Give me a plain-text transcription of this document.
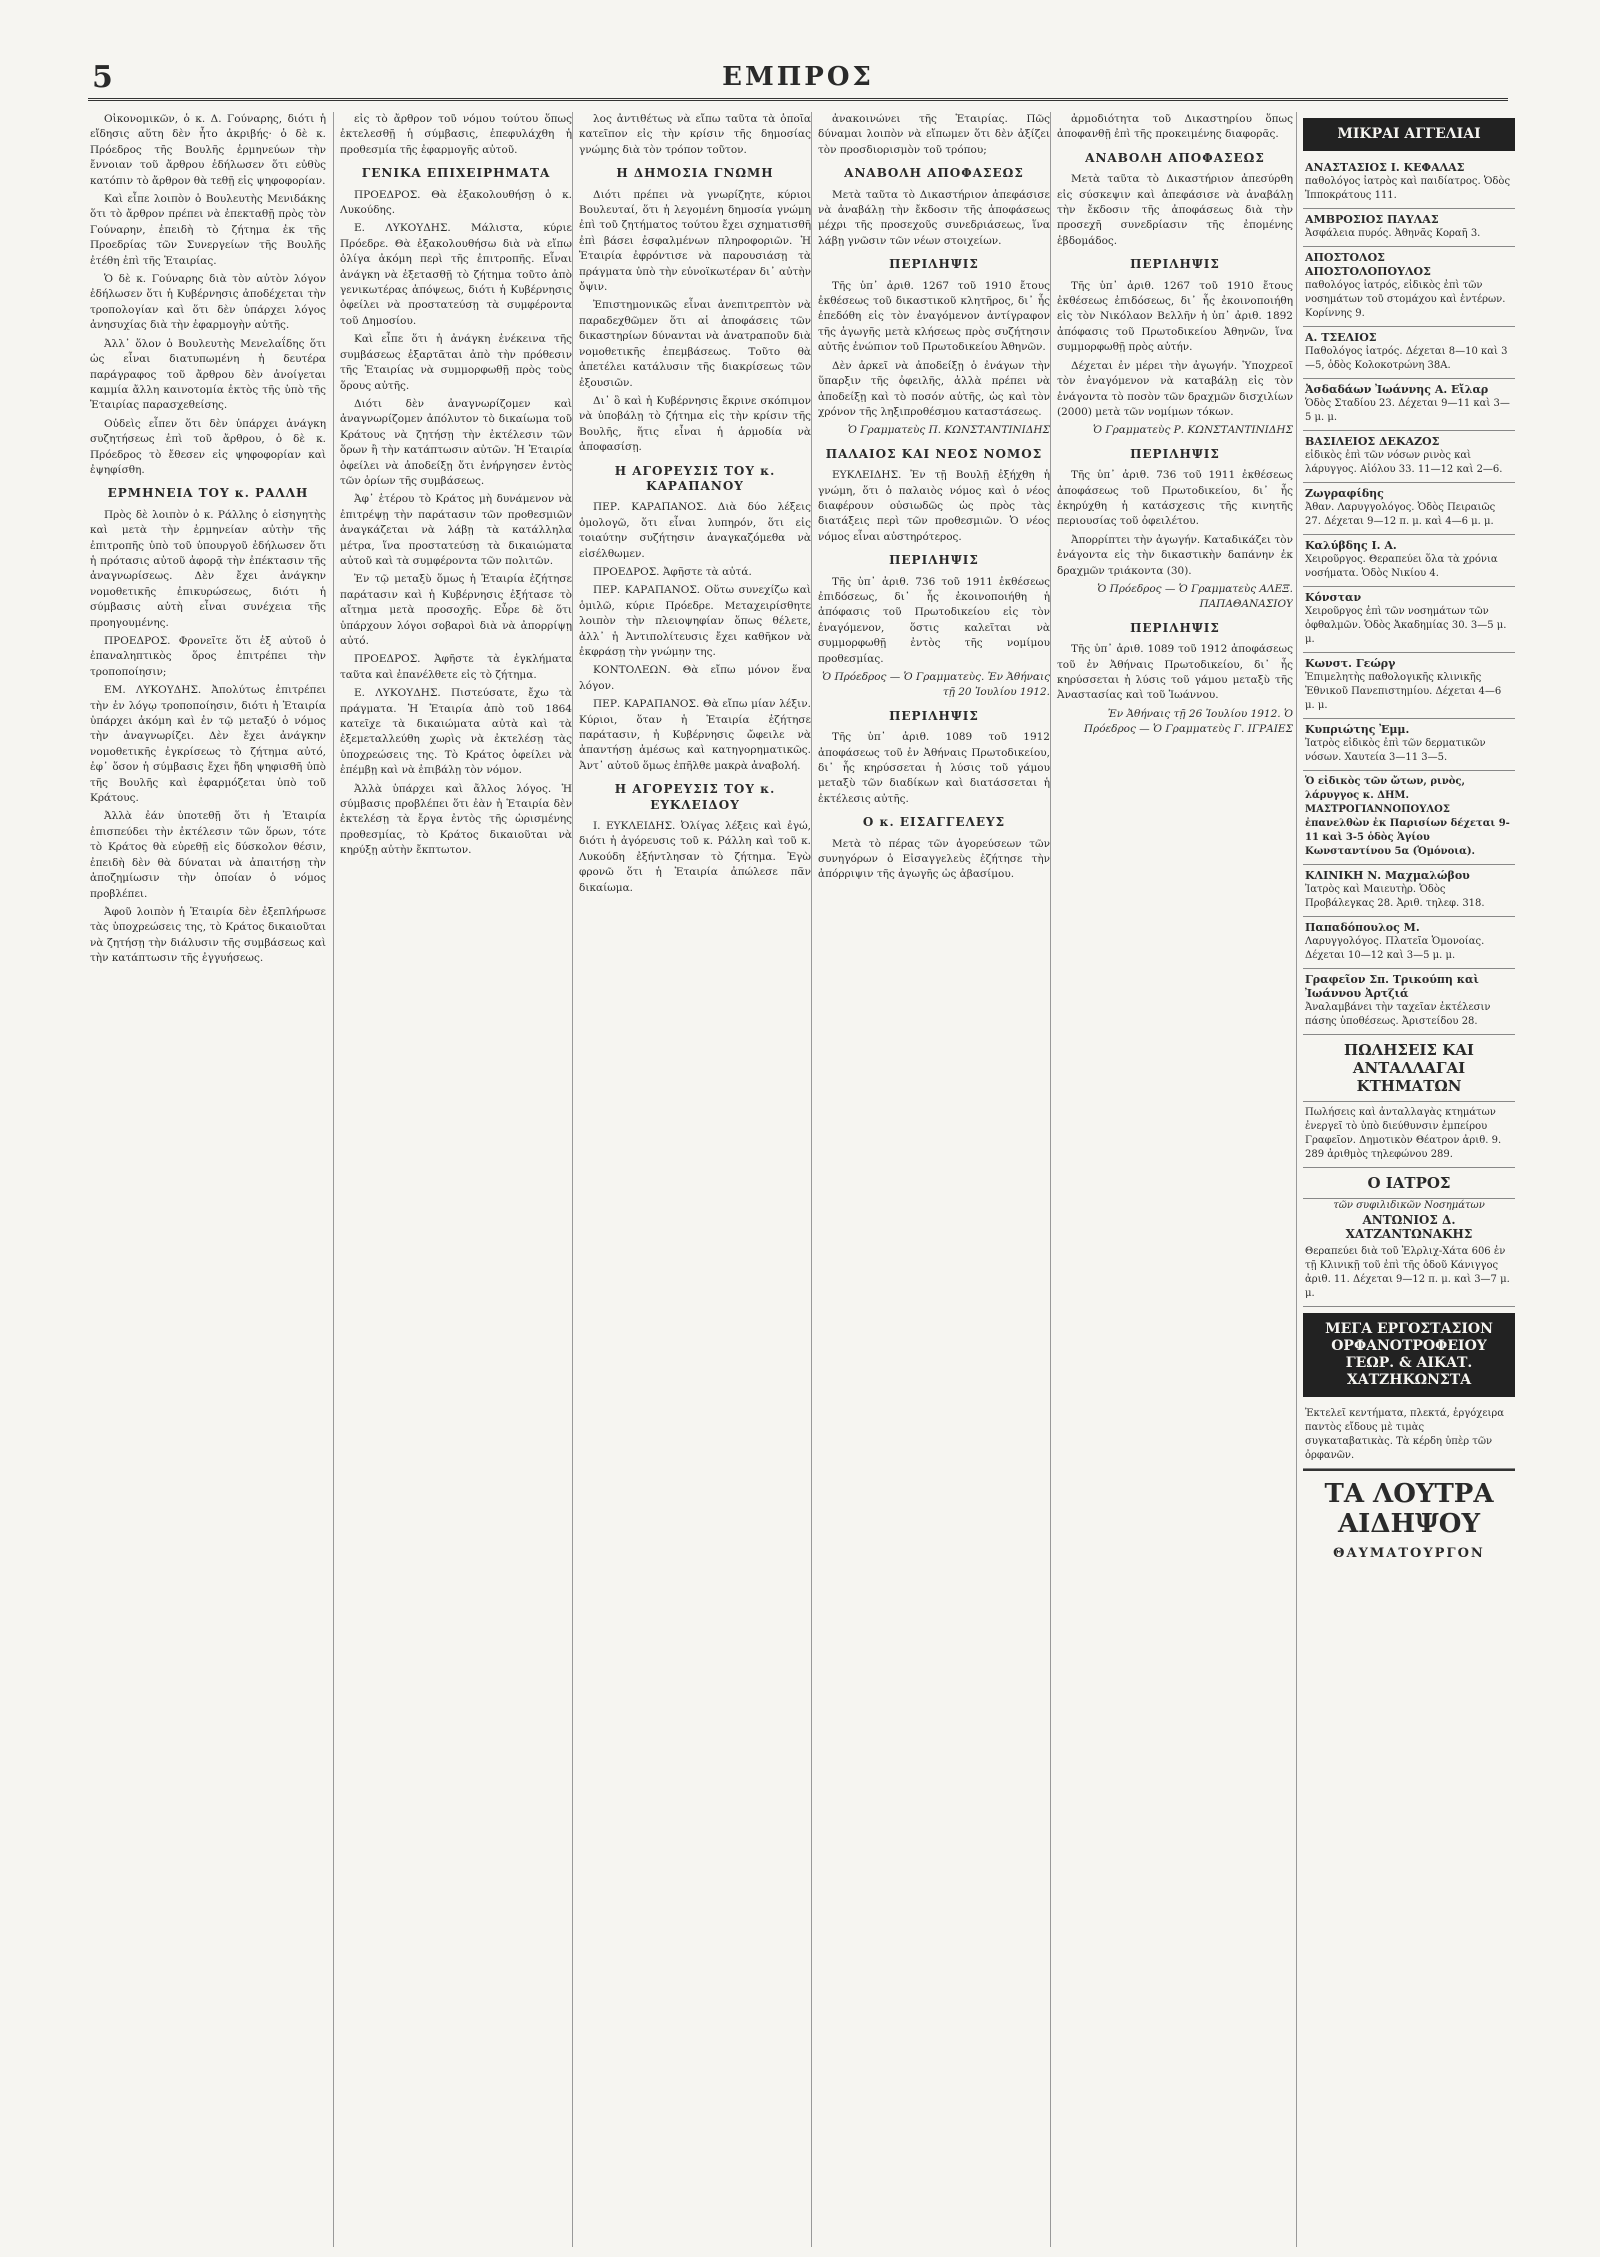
5	ΕΜΠΡΟΣ

Οἰκονομικῶν, ὁ κ. Δ. Γούναρης, διότι ἡ εἴδησις αὕτη δὲν ἦτο ἀκριβής· ὁ δὲ κ. Πρόεδρος τῆς Βουλῆς ἐρμηνεύων τὴν ἔννοιαν τοῦ ἄρθρου ἐδήλωσεν ὅτι εὐθὺς κατόπιν τὸ ἄρθρον θὰ τεθῇ εἰς ψηφοφορίαν.

Καὶ εἶπε λοιπὸν ὁ Βουλευτὴς Μενιδάκης ὅτι τὸ ἄρθρον πρέπει νὰ ἐπεκταθῇ πρὸς τὸν Γούναρην, ἐπειδὴ τὸ ζήτημα ἐκ τῆς Προεδρίας τῶν Συνεργείων τῆς Βουλῆς ἐτέθη ἐπὶ τῆς Ἑταιρίας.

Ὁ δὲ κ. Γούναρης διὰ τὸν αὐτὸν λόγον ἐδήλωσεν ὅτι ἡ Κυβέρνησις ἀποδέχεται τὴν τροπολογίαν καὶ ὅτι δὲν ὑπάρχει λόγος ἀνησυχίας διὰ τὴν ἐφαρμογὴν αὐτῆς.

Ἀλλ᾽ ὅλον ὁ Βουλευτὴς Μενελαΐδης ὅτι ὡς εἶναι διατυπωμένη ἡ δευτέρα παράγραφος τοῦ ἄρθρου δὲν ἀνοίγεται καμμία ἄλλη καινοτομία ἐκτὸς τῆς ὑπὸ τῆς Ἑταιρίας παρασχεθείσης.

Οὐδεὶς εἶπεν ὅτι δὲν ὑπάρχει ἀνάγκη συζητήσεως ἐπὶ τοῦ ἄρθρου, ὁ δὲ κ. Πρόεδρος τὸ ἔθεσεν εἰς ψηφοφορίαν καὶ ἐψηφίσθη.

ΕΡΜΗΝΕΙΑ ΤΟΥ κ. ΡΑΛΛΗ

Πρὸς δὲ λοιπὸν ὁ κ. Ράλλης ὁ εἰσηγητὴς καὶ μετὰ τὴν ἑρμηνείαν αὐτὴν τῆς ἐπιτροπῆς ὑπὸ τοῦ ὑπουργοῦ ἐδήλωσεν ὅτι ἡ πρότασις αὐτοῦ ἀφορᾷ τὴν ἐπέκτασιν τῆς ἀναγνωρίσεως. Δὲν ἔχει ἀνάγκην νομοθετικῆς ἐπικυρώσεως, διότι ἡ σύμβασις αὐτὴ εἶναι συνέχεια τῆς προηγουμένης.

ΠΡΟΕΔΡΟΣ. Φρονεῖτε ὅτι ἐξ αὐτοῦ ὁ ἐπαναληπτικὸς ὅρος ἐπιτρέπει τὴν τροποποίησιν;

ΕΜ. ΛΥΚΟΥΔΗΣ. Ἀπολύτως ἐπιτρέπει τὴν ἐν λόγῳ τροποποίησιν, διότι ἡ Ἑταιρία ὑπάρχει ἀκόμη καὶ ἐν τῷ μεταξύ ὁ νόμος τὴν ἀναγνωρίζει. Δὲν ἔχει ἀνάγκην νομοθετικῆς ἐγκρίσεως τὸ ζήτημα αὐτό, ἐφ᾽ ὅσον ἡ σύμβασις ἔχει ἤδη ψηφισθῆ ὑπὸ τῆς Βουλῆς καὶ ἐφαρμόζεται ὑπὸ τοῦ Κράτους.

Ἀλλὰ ἐάν ὑποτεθῇ ὅτι ἡ Ἑταιρία ἐπισπεύδει τὴν ἐκτέλεσιν τῶν ὅρων, τότε τὸ Κράτος θὰ εὑρεθῇ εἰς δύσκολον θέσιν, ἐπειδὴ δὲν θὰ δύναται νὰ ἀπαιτήσῃ τὴν ἀποζημίωσιν τὴν ὁποίαν ὁ νόμος προβλέπει.

Ἀφοῦ λοιπὸν ἡ Ἑταιρία δὲν ἐξεπλήρωσε τὰς ὑποχρεώσεις της, τὸ Κράτος δικαιοῦται νὰ ζητήσῃ τὴν διάλυσιν τῆς συμβάσεως καὶ τὴν κατάπτωσιν τῆς ἐγγυήσεως.

εἰς τὸ ἄρθρον τοῦ νόμου τούτου ὅπως ἐκτελεσθῇ ἡ σύμβασις, ἐπεφυλάχθη ἡ προθεσμία τῆς ἐφαρμογῆς αὐτοῦ.

ΓΕΝΙΚΑ ΕΠΙΧΕΙΡΗΜΑΤΑ

ΠΡΟΕΔΡΟΣ. Θὰ ἐξακολουθήσῃ ὁ κ. Λυκούδης.

Ε. ΛΥΚΟΥΔΗΣ. Μάλιστα, κύριε Πρόεδρε. Θὰ ἐξακολουθήσω διὰ νὰ εἴπω ὀλίγα ἀκόμη περὶ τῆς ἐπιτροπῆς. Εἶναι ἀνάγκη νὰ ἐξετασθῇ τὸ ζήτημα τοῦτο ἀπὸ γενικωτέρας ἀπόψεως, διότι ἡ Κυβέρνησις ὀφείλει νὰ προστατεύσῃ τὰ συμφέροντα τοῦ Δημοσίου.

Καὶ εἶπε ὅτι ἡ ἀνάγκη ἐνέκεινα τῆς συμβάσεως ἐξαρτᾶται ἀπὸ τὴν πρόθεσιν τῆς Ἑταιρίας νὰ συμμορφωθῇ πρὸς τοὺς ὅρους αὐτῆς.

Διότι δὲν ἀναγνωρίζομεν καὶ ἀναγνωρίζομεν ἀπόλυτον τὸ δικαίωμα τοῦ Κράτους νὰ ζητήσῃ τὴν ἐκτέλεσιν τῶν ὅρων ἢ τὴν κατάπτωσιν αὐτῶν. Ἡ Ἑταιρία ὀφείλει νὰ ἀποδείξῃ ὅτι ἐνήργησεν ἐντὸς τῶν ὁρίων τῆς συμβάσεως.

Ἀφ᾽ ἑτέρου τὸ Κράτος μὴ δυνάμενον νὰ ἐπιτρέψῃ τὴν παράτασιν τῶν προθεσμιῶν ἀναγκάζεται νὰ λάβῃ τὰ κατάλληλα μέτρα, ἵνα προστατεύσῃ τὰ δικαιώματα αὐτοῦ καὶ τὰ συμφέροντα τῶν πολιτῶν.

Ἐν τῷ μεταξὺ ὅμως ἡ Ἑταιρία ἐζήτησε παράτασιν καὶ ἡ Κυβέρνησις ἐξήτασε τὸ αἴτημα μετὰ προσοχῆς. Εὗρε δὲ ὅτι ὑπάρχουν λόγοι σοβαροὶ διὰ νὰ ἀπορρίψῃ αὐτό.

ΠΡΟΕΔΡΟΣ. Ἀφῆστε τὰ ἐγκλήματα ταῦτα καὶ ἐπανέλθετε εἰς τὸ ζήτημα.

Ε. ΛΥΚΟΥΔΗΣ. Πιστεύσατε, ἔχω τὰ πράγματα. Ἡ Ἑταιρία ἀπὸ τοῦ 1864 κατεῖχε τὰ δικαιώματα αὐτὰ καὶ τὰ ἐξεμεταλλεύθη χωρὶς νὰ ἐκτελέσῃ τὰς ὑποχρεώσεις της. Τὸ Κράτος ὀφείλει νὰ ἐπέμβῃ καὶ νὰ ἐπιβάλῃ τὸν νόμον.

Ἀλλὰ ὑπάρχει καὶ ἄλλος λόγος. Ἡ σύμβασις προβλέπει ὅτι ἐὰν ἡ Ἑταιρία δὲν ἐκτελέσῃ τὰ ἔργα ἐντὸς τῆς ὡρισμένης προθεσμίας, τὸ Κράτος δικαιοῦται νὰ κηρύξῃ αὐτὴν ἔκπτωτον.

λος ἀντιθέτως νὰ εἴπω ταῦτα τὰ ὁποῖα κατεῖπον εἰς τὴν κρίσιν τῆς δημοσίας γνώμης διὰ τὸν τρόπον τοῦτον.

Η ΔΗΜΟΣΙΑ ΓΝΩΜΗ

Διότι πρέπει νὰ γνωρίζητε, κύριοι Βουλευταί, ὅτι ἡ λεγομένη δημοσία γνώμη ἐπὶ τοῦ ζητήματος τούτου ἔχει σχηματισθῆ ἐπὶ βάσει ἐσφαλμένων πληροφοριῶν. Ἡ Ἑταιρία ἐφρόντισε νὰ παρουσιάσῃ τὰ πράγματα ὑπὸ τὴν εὐνοϊκωτέραν δι᾽ αὐτὴν ὄψιν.

Ἐπιστημονικῶς εἶναι ἀνεπιτρεπτὸν νὰ παραδεχθῶμεν ὅτι αἱ ἀποφάσεις τῶν δικαστηρίων δύνανται νὰ ἀνατραποῦν διὰ νομοθετικῆς ἐπεμβάσεως. Τοῦτο θὰ ἀπετέλει κατάλυσιν τῆς διακρίσεως τῶν ἐξουσιῶν.

Δι᾽ ὃ καὶ ἡ Κυβέρνησις ἔκρινε σκόπιμον νὰ ὑποβάλῃ τὸ ζήτημα εἰς τὴν κρίσιν τῆς Βουλῆς, ἥτις εἶναι ἡ ἁρμοδία νὰ ἀποφασίσῃ.

Η ΑΓΟΡΕΥΣΙΣ ΤΟΥ κ. ΚΑΡΑΠΑΝΟΥ

ΠΕΡ. ΚΑΡΑΠΑΝΟΣ. Διὰ δύο λέξεις ὁμολογῶ, ὅτι εἶναι λυπηρόν, ὅτι εἰς τοιαύτην συζήτησιν ἀναγκαζόμεθα νὰ εἰσέλθωμεν.

ΠΡΟΕΔΡΟΣ. Ἀφῆστε τὰ αὐτά.

ΠΕΡ. ΚΑΡΑΠΑΝΟΣ. Οὕτω συνεχίζω καὶ ὁμιλῶ, κύριε Πρόεδρε. Μεταχειρίσθητε λοιπὸν τὴν πλειοψηφίαν ὅπως θέλετε, ἀλλ᾽ ἡ Ἀντιπολίτευσις ἔχει καθῆκον νὰ ἐκφράσῃ τὴν γνώμην της.

ΚΟΝΤΟΛΕΩΝ. Θὰ εἴπω μόνον ἕνα λόγον.

ΠΕΡ. ΚΑΡΑΠΑΝΟΣ. Θὰ εἴπω μίαν λέξιν. Κύριοι, ὅταν ἡ Ἑταιρία ἐζήτησε παράτασιν, ἡ Κυβέρνησις ὤφειλε νὰ ἀπαντήσῃ ἀμέσως καὶ κατηγορηματικῶς. Ἀντ᾽ αὐτοῦ ὅμως ἐπῆλθε μακρὰ ἀναβολή.

Η ΑΓΟΡΕΥΣΙΣ ΤΟΥ κ. ΕΥΚΛΕΙΔΟΥ

Ι. ΕΥΚΛΕΙΔΗΣ. Ὀλίγας λέξεις καὶ ἐγώ, διότι ἡ ἀγόρευσις τοῦ κ. Ράλλη καὶ τοῦ κ. Λυκούδη ἐξήντλησαν τὸ ζήτημα. Ἐγὼ φρονῶ ὅτι ἡ Ἑταιρία ἀπώλεσε πᾶν δικαίωμα.

ἀνακοινώνει τῆς Ἑταιρίας. Πῶς δύναμαι λοιπὸν νὰ εἴπωμεν ὅτι δὲν ἀξίζει τὸν προσδιορισμὸν τοῦ τρόπου;

ΑΝΑΒΟΛΗ ΑΠΟΦΑΣΕΩΣ

Μετὰ ταῦτα τὸ Δικαστήριον ἀπεφάσισε νὰ ἀναβάλῃ τὴν ἔκδοσιν τῆς ἀποφάσεως μέχρι τῆς προσεχοῦς συνεδριάσεως, ἵνα λάβῃ γνῶσιν τῶν νέων στοιχείων.

ΠΕΡΙΛΗΨΙΣ

Τῆς ὑπ᾽ ἀριθ. 1267 τοῦ 1910 ἔτους ἐκθέσεως τοῦ δικαστικοῦ κλητῆρος, δι᾽ ἧς ἐπεδόθη εἰς τὸν ἐναγόμενον ἀντίγραφον τῆς ἀγωγῆς μετὰ κλήσεως πρὸς συζήτησιν αὐτῆς ἐνώπιον τοῦ Πρωτοδικείου Ἀθηνῶν.

Δὲν ἀρκεῖ νὰ ἀποδείξῃ ὁ ἐνάγων τὴν ὕπαρξιν τῆς ὀφειλῆς, ἀλλὰ πρέπει νὰ ἀποδείξῃ καὶ τὸ ποσόν αὐτῆς, ὡς καὶ τὸν χρόνον τῆς ληξιπροθέσμου καταστάσεως.

Ὁ Γραμματεὺς Π. ΚΩΝΣΤΑΝΤΙΝΙΔΗΣ

ΠΑΛΑΙΟΣ ΚΑΙ ΝΕΟΣ ΝΟΜΟΣ

ΕΥΚΛΕΙΔΗΣ. Ἐν τῇ Βουλῇ ἐξήχθη ἡ γνώμη, ὅτι ὁ παλαιὸς νόμος καὶ ὁ νέος διαφέρουν οὐσιωδῶς ὡς πρὸς τὰς διατάξεις περὶ τῶν προθεσμιῶν. Ὁ νέος νόμος εἶναι αὐστηρότερος.

ΠΕΡΙΛΗΨΙΣ

Τῆς ὑπ᾽ ἀριθ. 736 τοῦ 1911 ἐκθέσεως ἐπιδόσεως, δι᾽ ἧς ἐκοινοποιήθη ἡ ἀπόφασις τοῦ Πρωτοδικείου εἰς τὸν ἐναγόμενον, ὅστις καλεῖται νὰ συμμορφωθῇ ἐντὸς τῆς νομίμου προθεσμίας.

Ὁ Πρόεδρος — Ὁ Γραμματεὺς. Ἐν Ἀθήναις τῇ 20 Ἰουλίου 1912.

ΠΕΡΙΛΗΨΙΣ

Τῆς ὑπ᾽ ἀριθ. 1089 τοῦ 1912 ἀποφάσεως τοῦ ἐν Ἀθήναις Πρωτοδικείου, δι᾽ ἧς κηρύσσεται ἡ λύσις τοῦ γάμου μεταξὺ τῶν διαδίκων καὶ διατάσσεται ἡ ἐκτέλεσις αὐτῆς.

Ο κ. ΕΙΣΑΓΓΕΛΕΥΣ

Μετὰ τὸ πέρας τῶν ἀγορεύσεων τῶν συνηγόρων ὁ Εἰσαγγελεὺς ἐζήτησε τὴν ἀπόρριψιν τῆς ἀγωγῆς ὡς ἀβασίμου.

ἀρμοδιότητα τοῦ Δικαστηρίου ὅπως ἀποφανθῇ ἐπὶ τῆς προκειμένης διαφορᾶς.

ΑΝΑΒΟΛΗ ΑΠΟΦΑΣΕΩΣ

Μετὰ ταῦτα τὸ Δικαστήριον ἀπεσύρθη εἰς σύσκεψιν καὶ ἀπεφάσισε νὰ ἀναβάλῃ τὴν ἔκδοσιν τῆς ἀποφάσεως διὰ τὴν προσεχῆ συνεδρίασιν τῆς ἐπομένης ἑβδομάδος.

ΠΕΡΙΛΗΨΙΣ

Τῆς ὑπ᾽ ἀριθ. 1267 τοῦ 1910 ἔτους ἐκθέσεως ἐπιδόσεως, δι᾽ ἧς ἐκοινοποιήθη εἰς τὸν Νικόλαον Βελλῆν ἡ ὑπ᾽ ἀριθ. 1892 ἀπόφασις τοῦ Πρωτοδικείου Ἀθηνῶν, ἵνα συμμορφωθῇ πρὸς αὐτήν.

Δέχεται ἐν μέρει τὴν ἀγωγήν. Ὑποχρεοῖ τὸν ἐναγόμενον νὰ καταβάλῃ εἰς τὸν ἐνάγοντα τὸ ποσὸν τῶν δραχμῶν δισχιλίων (2000) μετὰ τῶν νομίμων τόκων.

Ὁ Γραμματεὺς Ρ. ΚΩΝΣΤΑΝΤΙΝΙΔΗΣ

ΠΕΡΙΛΗΨΙΣ

Τῆς ὑπ᾽ ἀριθ. 736 τοῦ 1911 ἐκθέσεως ἀποφάσεως τοῦ Πρωτοδικείου, δι᾽ ἧς ἐκηρύχθη ἡ κατάσχεσις τῆς κινητῆς περιουσίας τοῦ ὀφειλέτου.

Ἀπορρίπτει τὴν ἀγωγήν. Καταδικάζει τὸν ἐνάγοντα εἰς τὴν δικαστικὴν δαπάνην ἐκ δραχμῶν τριάκοντα (30).

Ὁ Πρόεδρος — Ὁ Γραμματεὺς ΑΛΕΞ. ΠΑΠΑΘΑΝΑΣΙΟΥ

ΠΕΡΙΛΗΨΙΣ

Τῆς ὑπ᾽ ἀριθ. 1089 τοῦ 1912 ἀποφάσεως τοῦ ἐν Ἀθήναις Πρωτοδικείου, δι᾽ ἧς κηρύσσεται ἡ λύσις τοῦ γάμου μεταξὺ τῆς Ἀναστασίας καὶ τοῦ Ἰωάννου.

Ἐν Ἀθήναις τῇ 26 Ἰουλίου 1912. Ὁ Πρόεδρος — Ὁ Γραμματεὺς Γ. ΙΓΡΑΙΕΣ

ΜΙΚΡΑΙ ΑΓΓΕΛΙΑΙ
ΑΝΑΣΤΑΣΙΟΣ Ι. ΚΕΦΑΛΑΣ
παθολόγος ἰατρὸς καὶ παιδίατρος. Ὁδὸς Ἱπποκράτους 111.
ΑΜΒΡΟΣΙΟΣ ΠΑΥΛΑΣ
Ἀσφάλεια πυρός. Ἀθηνᾶς Κοραῆ 3.
ΑΠΟΣΤΟΛΟΣ ΑΠΟΣΤΟΛΟΠΟΥΛΟΣ
παθολόγος ἰατρός, εἰδικὸς ἐπὶ τῶν νοσημάτων τοῦ στομάχου καὶ ἐντέρων. Κορίννης 9.
Α. ΤΣΕΛΙΟΣ
Παθολόγος ἰατρός. Δέχεται 8—10 καὶ 3—5, ὁδὸς Κολοκοτρώνη 38Α.
Ἀσδαδάων Ἰωάννης Α. Εἴλαρ
Ὁδὸς Σταδίου 23. Δέχεται 9—11 καὶ 3—5 μ. μ.
ΒΑΣΙΛΕΙΟΣ ΔΕΚΑΖΟΣ
εἰδικὸς ἐπὶ τῶν νόσων ρινὸς καὶ λάρυγγος. Αἰόλου 33. 11—12 καὶ 2—6.
Ζωγραφίδης
Ἀθαν. Λαρυγγολόγος. Ὁδὸς Πειραιῶς 27. Δέχεται 9—12 π. μ. καὶ 4—6 μ. μ.
Καλύβδης Ι. Α.
Χειροῦργος. Θεραπεύει ὅλα τὰ χρόνια νοσήματα. Ὁδὸς Νικίου 4.
Κόνσταν
Χειροῦργος ἐπὶ τῶν νοσημάτων τῶν ὀφθαλμῶν. Ὁδὸς Ἀκαδημίας 30. 3—5 μ. μ.
Κωνστ. Γεώργ
Ἐπιμελητὴς παθολογικῆς κλινικῆς Ἐθνικοῦ Πανεπιστημίου. Δέχεται 4—6 μ. μ.
Κυπριώτης Ἐμμ.
Ἰατρὸς εἰδικὸς ἐπὶ τῶν δερματικῶν νόσων. Χαυτεία 3—11 3—5.
Ὁ εἰδικὸς τῶν ὤτων, ρινὸς, λάρυγγος κ. ΔΗΜ. ΜΑΣΤΡΟΓΙΑΝΝΟΠΟΥΛΟΣ ἐπανελθὼν ἐκ Παρισίων δέχεται 9-11 καὶ 3-5 ὁδὸς Ἁγίου Κωνσταντίνου 5α (Ὁμόνοια).
ΚΛΙΝΙΚΗ Ν. Μαχμαλώβου
Ἰατρὸς καὶ Μαιευτὴρ. Ὁδὸς Προβάλεγκας 28. Ἀριθ. τηλεφ. 318.
Παπαδόπουλος Μ.
Λαρυγγολόγος. Πλατεῖα Ὁμονοίας. Δέχεται 10—12 καὶ 3—5 μ. μ.
Γραφεῖον Σπ. Τρικούπη καὶ Ἰωάννου Ἀρτζιά
Ἀναλαμβάνει τὴν ταχεῖαν ἐκτέλεσιν πάσης ὑποθέσεως. Ἀριστείδου 28.
ΠΩΛΗΣΕΙΣ ΚΑΙ ΑΝΤΑΛΛΑΓΑΙ ΚΤΗΜΑΤΩΝ
Πωλήσεις καὶ ἀνταλλαγὰς κτημάτων ἐνεργεῖ τὸ ὑπὸ διεύθυνσιν ἐμπείρου Γραφεῖον. Δημοτικὸν Θέατρον ἀριθ. 9. 289 ἀριθμὸς τηλεφώνου 289.
Ο ΙΑΤΡΟΣ
τῶν συφιλιδικῶν Νοσημάτων
ΑΝΤΩΝΙΟΣ Δ. ΧΑΤΖΑΝΤΩΝΑΚΗΣ
Θεραπεύει διὰ τοῦ Ἐλρλιχ-Χάτα 606 ἐν τῇ Κλινικῇ τοῦ ἐπὶ τῆς ὁδοῦ Κάνιγγος ἀριθ. 11. Δέχεται 9—12 π. μ. καὶ 3—7 μ. μ.
ΜΕΓΑ ΕΡΓΟΣΤΑΣΙΟΝ ΟΡΦΑΝΟΤΡΟΦΕΙΟΥ ΓΕΩΡ. & ΑΙΚΑΤ. ΧΑΤΖΗΚΩΝΣΤΑ
Ἐκτελεῖ κεντήματα, πλεκτά, ἐργόχειρα παντὸς εἴδους μὲ τιμὰς συγκαταβατικὰς. Τὰ κέρδη ὑπὲρ τῶν ὀρφανῶν.
ΤΑ ΛΟΥΤΡΑ ΑΙΔΗΨΟΥ
ΘΑΥΜΑΤΟΥΡΓΟΝ
